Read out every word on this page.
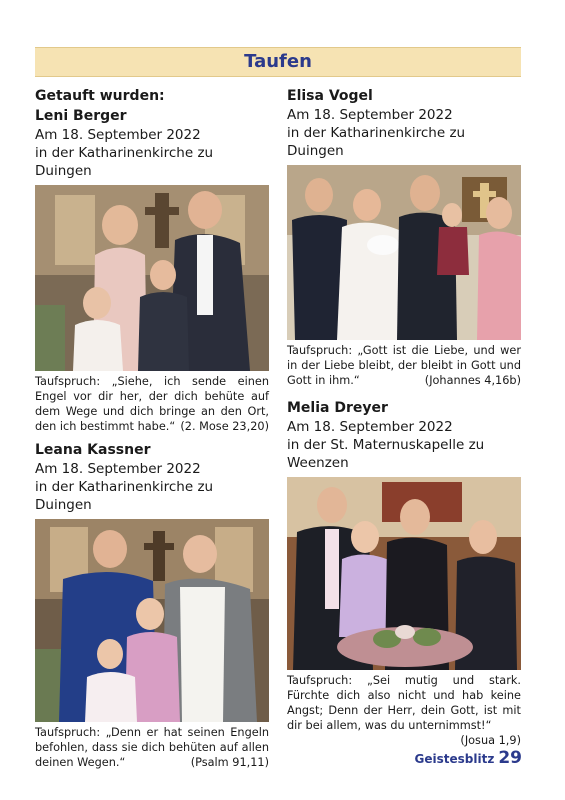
Taufen

Getauft wurden:

Leni Berger

Am 18. September 2022

in der Katharinenkirche zu Duingen

Taufspruch: „Siehe, ich sende einen Engel vor dir her, der dich behüte auf dem Wege und dich bringe an den Ort, den ich bestimmt habe.“ (2. Mose 23,20)

Leana Kassner

Am 18. September 2022

in der Katharinenkirche zu Duingen

Taufspruch: „Denn er hat seinen Engeln befohlen, dass sie dich behüten auf allen deinen Wegen.“	(Psalm 91,11)

Elisa Vogel

Am 18. September 2022

in der Katharinenkirche zu Duingen

Taufspruch: „Gott ist die Liebe, und wer in der Liebe bleibt, der bleibt in Gott und Gott in ihm.“	(Johannes 4,16b)

Melia Dreyer

Am 18. September 2022

in der St. Maternuskapelle zu Weenzen

Taufspruch: „Sei mutig und stark. Fürchte dich also nicht und hab keine Angst; Denn der Herr, dein Gott, ist mit dir bei allem, was du unternimmst!“
(Josua 1,9)

Geistesblitz 29
